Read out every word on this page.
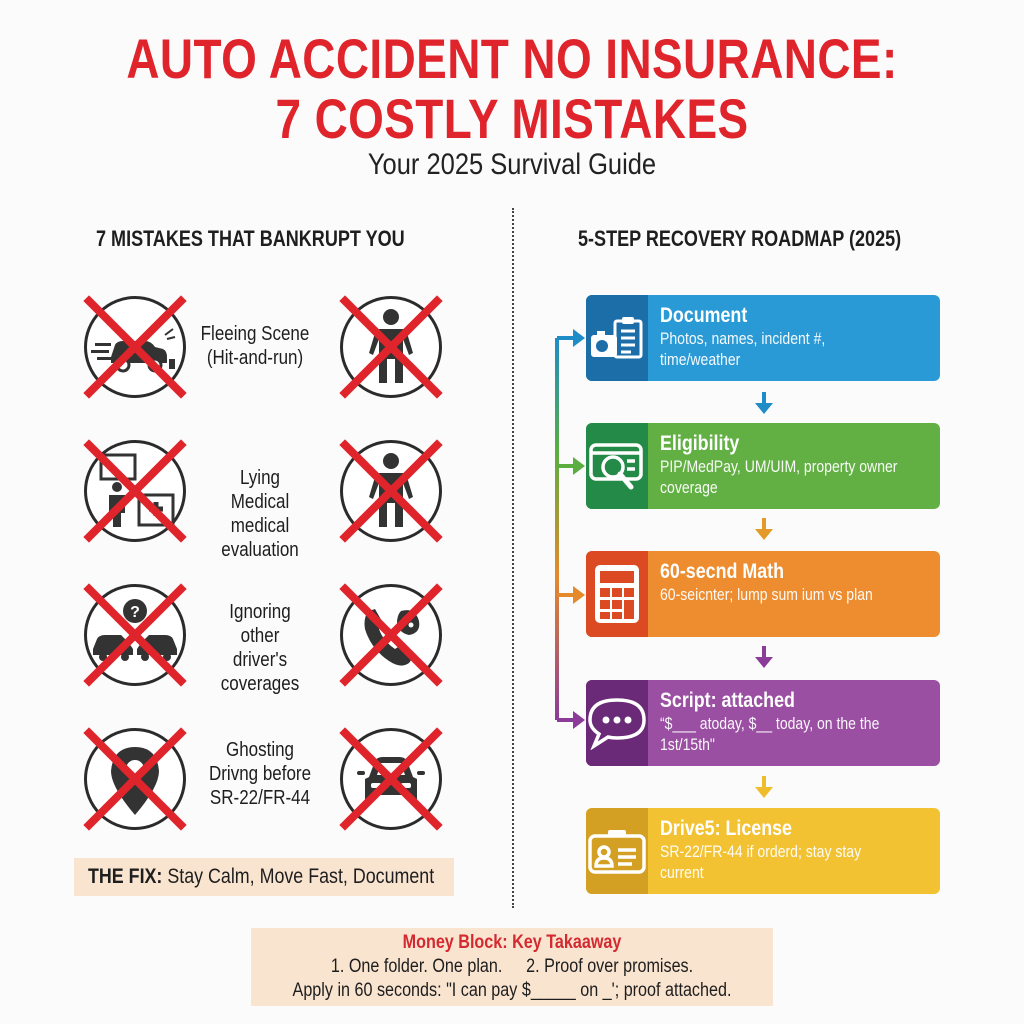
AUTO ACCIDENT NO INSURANCE:
7 COSTLY MISTAKES
Your 2025 Survival Guide
7 MISTAKES THAT BANKRUPT YOU	5-STEP RECOVERY ROADMAP (2025)
Fleeing Scene
(Hit-and-run)
Lying
Medical
medical
evaluation
?	Ignoring
other
driver's
coverages
Ghosting
Drivng before
SR-22/FR-44
THE FIX: Stay Calm, Move Fast, Document
Document
Photos, names, incident #, time/weather
Eligibility
PIP/MedPay, UM/UIM, property owner coverage
60-secnd Math
60-seicnter; lump sum ium vs plan
Script: attached
“$___ atoday, $__ today, on the the 1st/15th"
Drive5: License
SR-22/FR-44 if orderd; stay stay current
Money Block: Key Takaaway
1. One folder. One plan. 2. Proof over promises.
Apply in 60 seconds: "I can pay $_____ on _'; proof attached.
